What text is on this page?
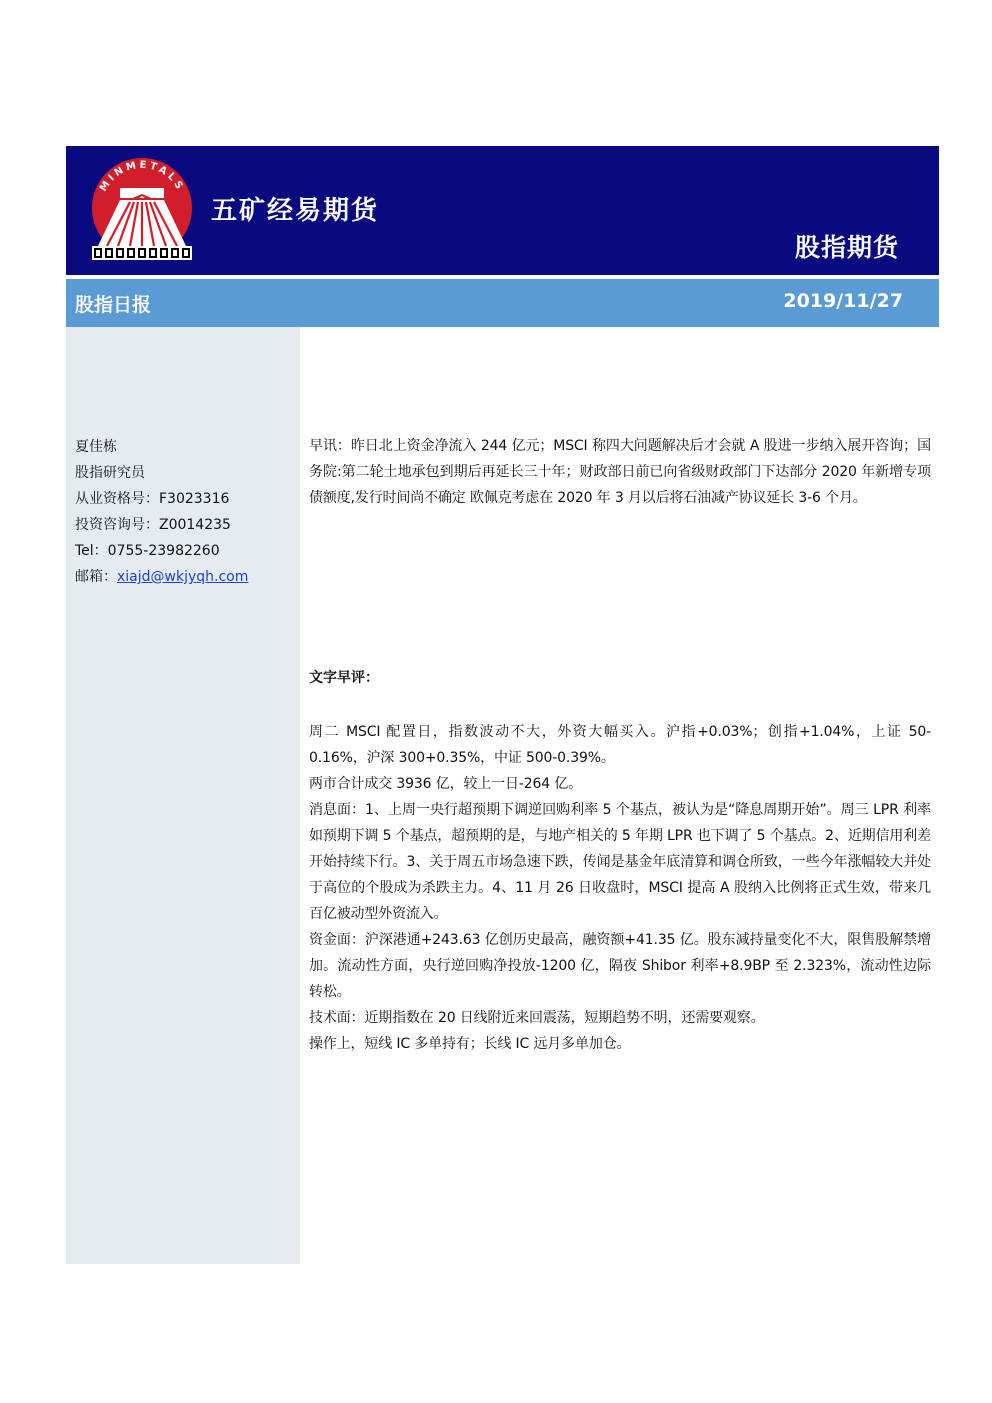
MINMETALS
五矿经易期货
股指期货
股指日报	2019/11/27
夏佳栋
股指研究员
从业资格号：F3023316
投资咨询号：Z0014235
Tel：0755-23982260
邮箱：xiajd@wkjyqh.com

早讯：昨日北上资金净流入 244 亿元；MSCI 称四大问题解决后才会就 A 股进一步纳入展开咨询；国务院:第二轮土地承包到期后再延长三十年；财政部日前已向省级财政部门下达部分 2020 年新增专项债额度,发行时间尚不确定 欧佩克考虑在 2020 年 3 月以后将石油减产协议延长 3-6 个月。

文字早评：

周二 MSCI 配置日，指数波动不大，外资大幅买入。沪指+0.03%；创指+1.04%，上证 50-0.16%，沪深 300+0.35%，中证 500-0.39%。

两市合计成交 3936 亿，较上一日-264 亿。

消息面：1、上周一央行超预期下调逆回购利率 5 个基点，被认为是“降息周期开始”。周三 LPR 利率如预期下调 5 个基点，超预期的是，与地产相关的 5 年期 LPR 也下调了 5 个基点。2、近期信用利差开始持续下行。3、关于周五市场急速下跌，传闻是基金年底清算和调仓所致，一些今年涨幅较大并处于高位的个股成为杀跌主力。4、11 月 26 日收盘时，MSCI 提高 A 股纳入比例将正式生效，带来几百亿被动型外资流入。

资金面：沪深港通+243.63 亿创历史最高，融资额+41.35 亿。股东减持量变化不大，限售股解禁增加。流动性方面，央行逆回购净投放-1200 亿，隔夜 Shibor 利率+8.9BP 至 2.323%，流动性边际转松。

技术面：近期指数在 20 日线附近来回震荡，短期趋势不明，还需要观察。

操作上，短线 IC 多单持有；长线 IC 远月多单加仓。
